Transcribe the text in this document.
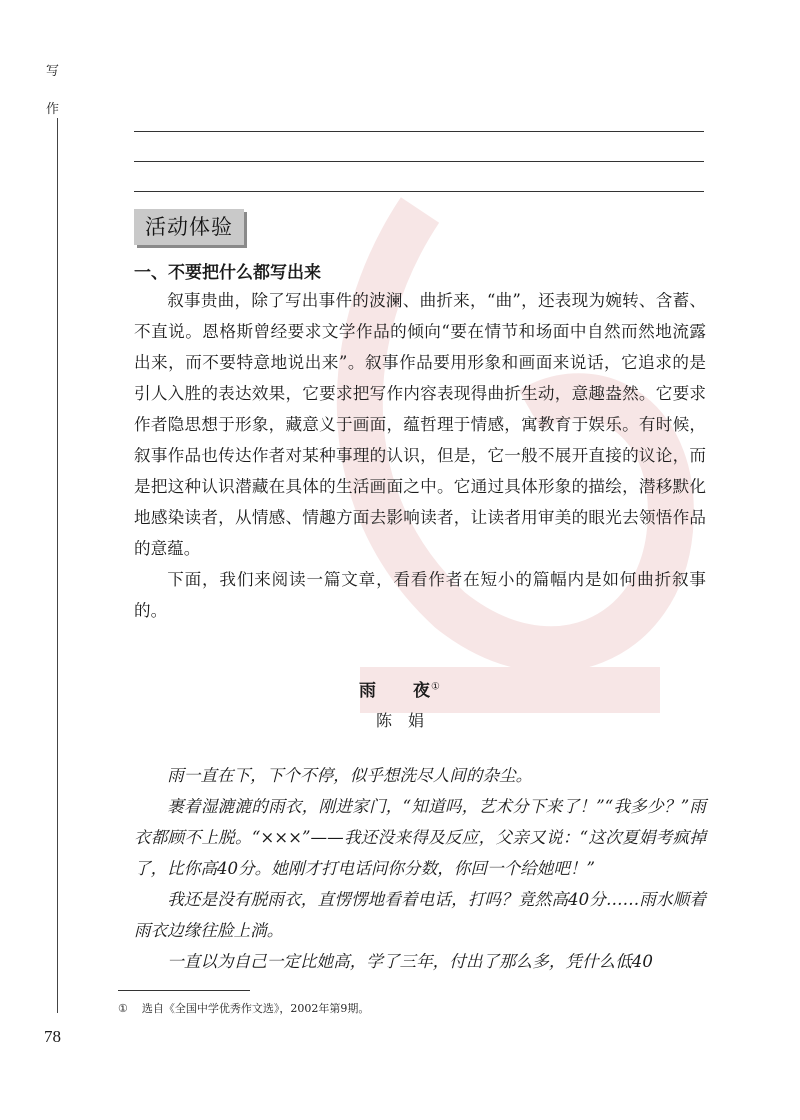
写
作
活动体验
一、不要把什么都写出来

叙事贵曲，除了写出事件的波澜、曲折来，“曲”，还表现为婉转、含蓄、不直说。恩格斯曾经要求文学作品的倾向“要在情节和场面中自然而然地流露出来，而不要特意地说出来”。叙事作品要用形象和画面来说话，它追求的是引人入胜的表达效果，它要求把写作内容表现得曲折生动，意趣盎然。它要求作者隐思想于形象，藏意义于画面，蕴哲理于情感，寓教育于娱乐。有时候，叙事作品也传达作者对某种事理的认识，但是，它一般不展开直接的议论，而是把这种认识潜藏在具体的生活画面之中。它通过具体形象的描绘，潜移默化地感染读者，从情感、情趣方面去影响读者，让读者用审美的眼光去领悟作品的意蕴。

下面，我们来阅读一篇文章，看看作者在短小的篇幅内是如何曲折叙事的。

雨　　夜①
陈　娟

雨一直在下，下个不停，似乎想洗尽人间的杂尘。

裹着湿漉漉的雨衣，刚进家门，“知道吗，艺术分下来了！”“我多少？”雨衣都顾不上脱。“×××”——我还没来得及反应，父亲又说：“这次夏娟考疯掉了，比你高40分。她刚才打电话问你分数，你回一个给她吧！”

我还是没有脱雨衣，直愣愣地看着电话，打吗？竟然高40分……雨水顺着雨衣边缘往脸上淌。

一直以为自己一定比她高，学了三年，付出了那么多，凭什么低40

① 选自《全国中学优秀作文选》，2002年第9期。
78
